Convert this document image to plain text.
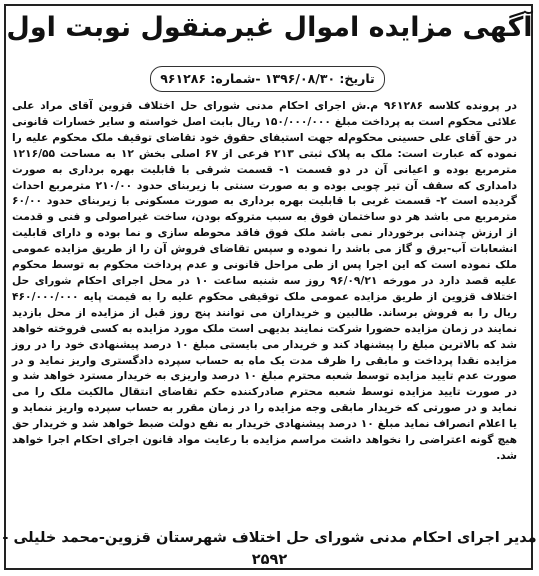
آگهی مزایده اموال غیرمنقول نوبت اول
تاریخ: ۱۳۹۶/۰۸/۳۰ -شماره: ۹۶۱۲۸۶

در پرونده کلاسه ۹۶۱۲۸۶ م.ش اجرای احکام مدنی شورای حل اختلاف قزوین آقای مراد علی علائی محکوم است به پرداخت مبلغ ۱۵۰/۰۰۰/۰۰۰ ریال بابت اصل خواسته و سایر خسارات قانونی در حق آقای علی حسینی محکوم‌له جهت استیفای حقوق خود تقاضای توقیف ملک محکوم علیه را نموده که عبارت است: ملک به پلاک ثبتی ۲۱۳ فرعی از ۶۷ اصلی بخش ۱۲ به مساحت ۱۲۱۶/۵۵ مترمربع بوده و اعیانی آن در دو قسمت ۱- قسمت شرقی با قابلیت بهره برداری به صورت دامداری که سقف آن تیر چوبی بوده و به صورت سنتی با زیربنای حدود ۲۱۰/۰۰ مترمربع احداث گردیده است ۲- قسمت غربی با قابلیت بهره برداری به صورت مسکونی با زیربنای حدود ۶۰/۰۰ مترمربع می باشد هر دو ساختمان فوق به سبب متروکه بودن، ساخت غیراصولی و فنی و قدمت از ارزش چندانی برخوردار نمی باشد ملک فوق فاقد محوطه سازی و نما بوده و دارای قابلیت انشعابات آب-برق و گاز می باشد را نموده و سپس تقاضای فروش آن را از طریق مزایده عمومی ملک نموده است که این اجرا پس از طی مراحل قانونی و عدم پرداخت محکوم به توسط محکوم علیه قصد دارد در مورخه ۹۶/۰۹/۲۱ روز سه شنبه ساعت ۱۰ در محل اجرای احکام شورای حل اختلاف قزوین از طریق مزایده عمومی ملک توقیفی محکوم علیه را به قیمت پایه ۴۶۰/۰۰۰/۰۰۰ ریال را به فروش برساند. طالبین و خریداران می توانند پنج روز قبل از مزایده از محل بازدید نمایند در زمان مزایده حضورا شرکت نمایند بدیهی است ملک مورد مزایده به کسی فروخته خواهد شد که بالاترین مبلغ را پیشنهاد کند و خریدار می بایستی مبلغ ۱۰ درصد پیشنهادی خود را در روز مزایده نقدا پرداخت و مابقی را ظرف مدت یک ماه به حساب سپرده دادگستری واریز نماید و در صورت عدم تایید مزایده توسط شعبه محترم مبلغ ۱۰ درصد واریزی به خریدار مسترد خواهد شد و در صورت تایید مزایده توسط شعبه محترم صادرکننده حکم تقاضای انتقال مالکیت ملک را می نماید و در صورتی که خریدار مابقی وجه مزایده را در زمان مقرر به حساب سپرده واریز ننماید و یا اعلام انصراف نماید مبلغ ۱۰ درصد پیشنهادی خریدار به نفع دولت ضبط خواهد شد و خریدار حق هیچ گونه اعتراضی را نخواهد داشت مراسم مزایده با رعایت مواد قانون اجرای احکام اجرا خواهد شد.

مدیر اجرای احکام مدنی شورای حل اختلاف شهرستان قزوین-محمد خلیلی - ۲۵۹۲
